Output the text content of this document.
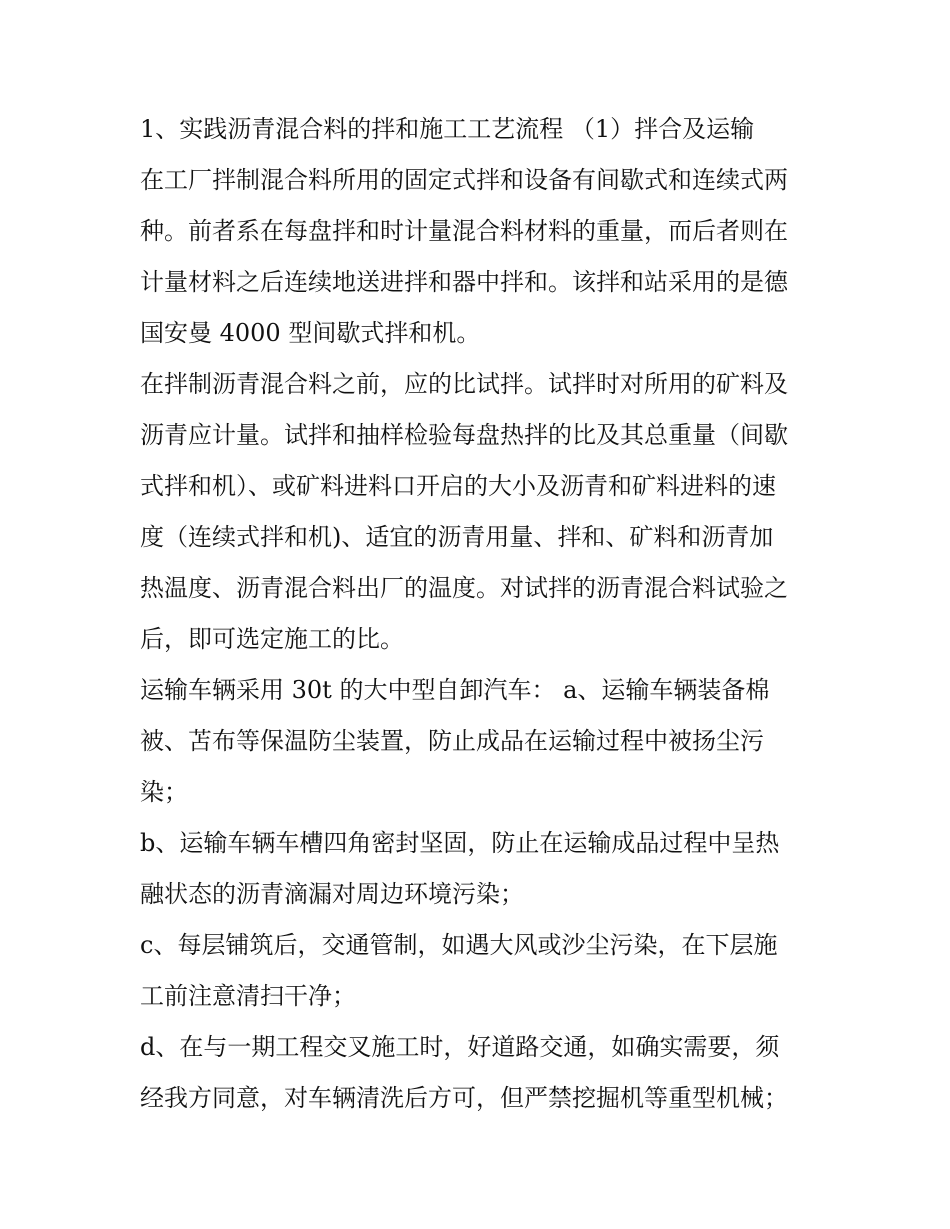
1、实践沥青混合料的拌和施工工艺流程 （1）拌合及运输
在工厂拌制混合料所用的固定式拌和设备有间歇式和连续式两
种。前者系在每盘拌和时计量混合料材料的重量，而后者则在
计量材料之后连续地送进拌和器中拌和。该拌和站采用的是德
国安曼 4000 型间歇式拌和机。
在拌制沥青混合料之前，应的比试拌。试拌时对所用的矿料及
沥青应计量。试拌和抽样检验每盘热拌的比及其总重量（间歇
式拌和机）、或矿料进料口开启的大小及沥青和矿料进料的速
度（连续式拌和机)、适宜的沥青用量、拌和、矿料和沥青加
热温度、沥青混合料出厂的温度。对试拌的沥青混合料试验之
后，即可选定施工的比。
运输车辆采用 30t 的大中型自卸汽车： a、运输车辆装备棉
被、苫布等保温防尘装置，防止成品在运输过程中被扬尘污
染；
b、运输车辆车槽四角密封坚固，防止在运输成品过程中呈热
融状态的沥青滴漏对周边环境污染；
c、每层铺筑后，交通管制，如遇大风或沙尘污染，在下层施
工前注意清扫干净；
d、在与一期工程交叉施工时，好道路交通，如确实需要，须
经我方同意，对车辆清洗后方可，但严禁挖掘机等重型机械；
